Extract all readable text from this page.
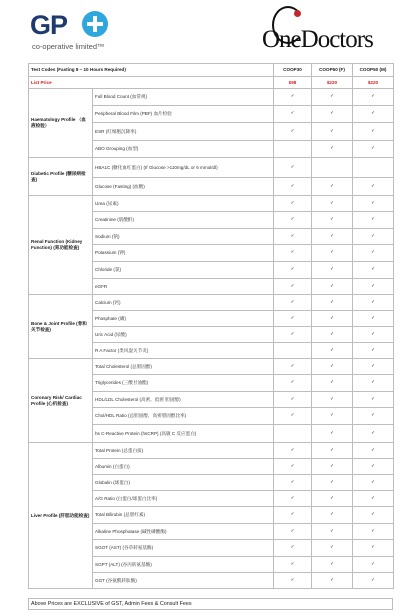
GP
co-operative limited™	OneDoctors
Test Codes (Fasting 8 – 10 Hours Required)		COOP30	COOP50 (F)	COOP50 (M)
List Price		$98	$220	$220
Haematology Profile （血液检验）	Full Blood Count (血常规)	✓	✓	✓
	Peripheral Blood Film (PBF) 血片检验	✓	✓	✓
	ESR (红细胞沉降率)	✓	✓	✓
	ABO Grouping (血型)		✓	✓
Diabetic Profile (糖尿病检查)	HBA1C (糖化血红蛋白) (If Glucose >110mg/dL or 6 mmol/dl)	✓		
	Glucose (Fasting) (血糖)	✓	✓	✓
Renal Function (Kidney Function) (肾功能检查)	Urea (尿素)	✓	✓	✓
	Creatinine (肌酸酐)	✓	✓	✓
	Sodium (钠)	✓	✓	✓
	Potassium (钾)	✓	✓	✓
	Chloride (氯)	✓	✓	✓
	eGFR	✓	✓	✓
Bone & Joint Profile (骨和关节检查)	Calcium (钙)	✓	✓	✓
	Phosphate (磷)	✓	✓	✓
	Uric Acid (尿酸)	✓	✓	✓
	R A Factor (类风湿关节炎)		✓	✓
Coronary Risk/ Cardiac Profile (心机检查)	Total Cholesterol (总胆固醇)	✓	✓	✓
	Triglycerides (三酸甘油酯)	✓	✓	✓
	HDL/LDL Cholesterol (高密、低密 胆固醇)	✓	✓	✓
	Chol/HDL Ratio (总胆固醇，高密胆固醇比率)	✓	✓	✓
	hs C-Reactive Protein (hsCRP) (高敏 C 反应蛋白)		✓	✓
Liver Profile (肝胆功能检查)	Total Protein (总蛋白质)	✓	✓	✓
	Albumin (白蛋白)	✓	✓	✓
	Globulin (球蛋白)	✓	✓	✓
	A/G Ratio (白蛋白/球蛋白比率)	✓	✓	✓
	Total Bilirubin (总胆红素)	✓	✓	✓
	Alkaline Phosphatase (碱性磷酸酶)	✓	✓	✓
	SGOT (AST) (谷草转氨基酶)	✓	✓	✓
	SGPT (ALT) (谷丙转氨基酶)	✓	✓	✓
	GGT (谷氨酰转肽酶)	✓	✓	✓
Above Prices are EXCLUSIVE of GST, Admin Fees & Consult Fees
